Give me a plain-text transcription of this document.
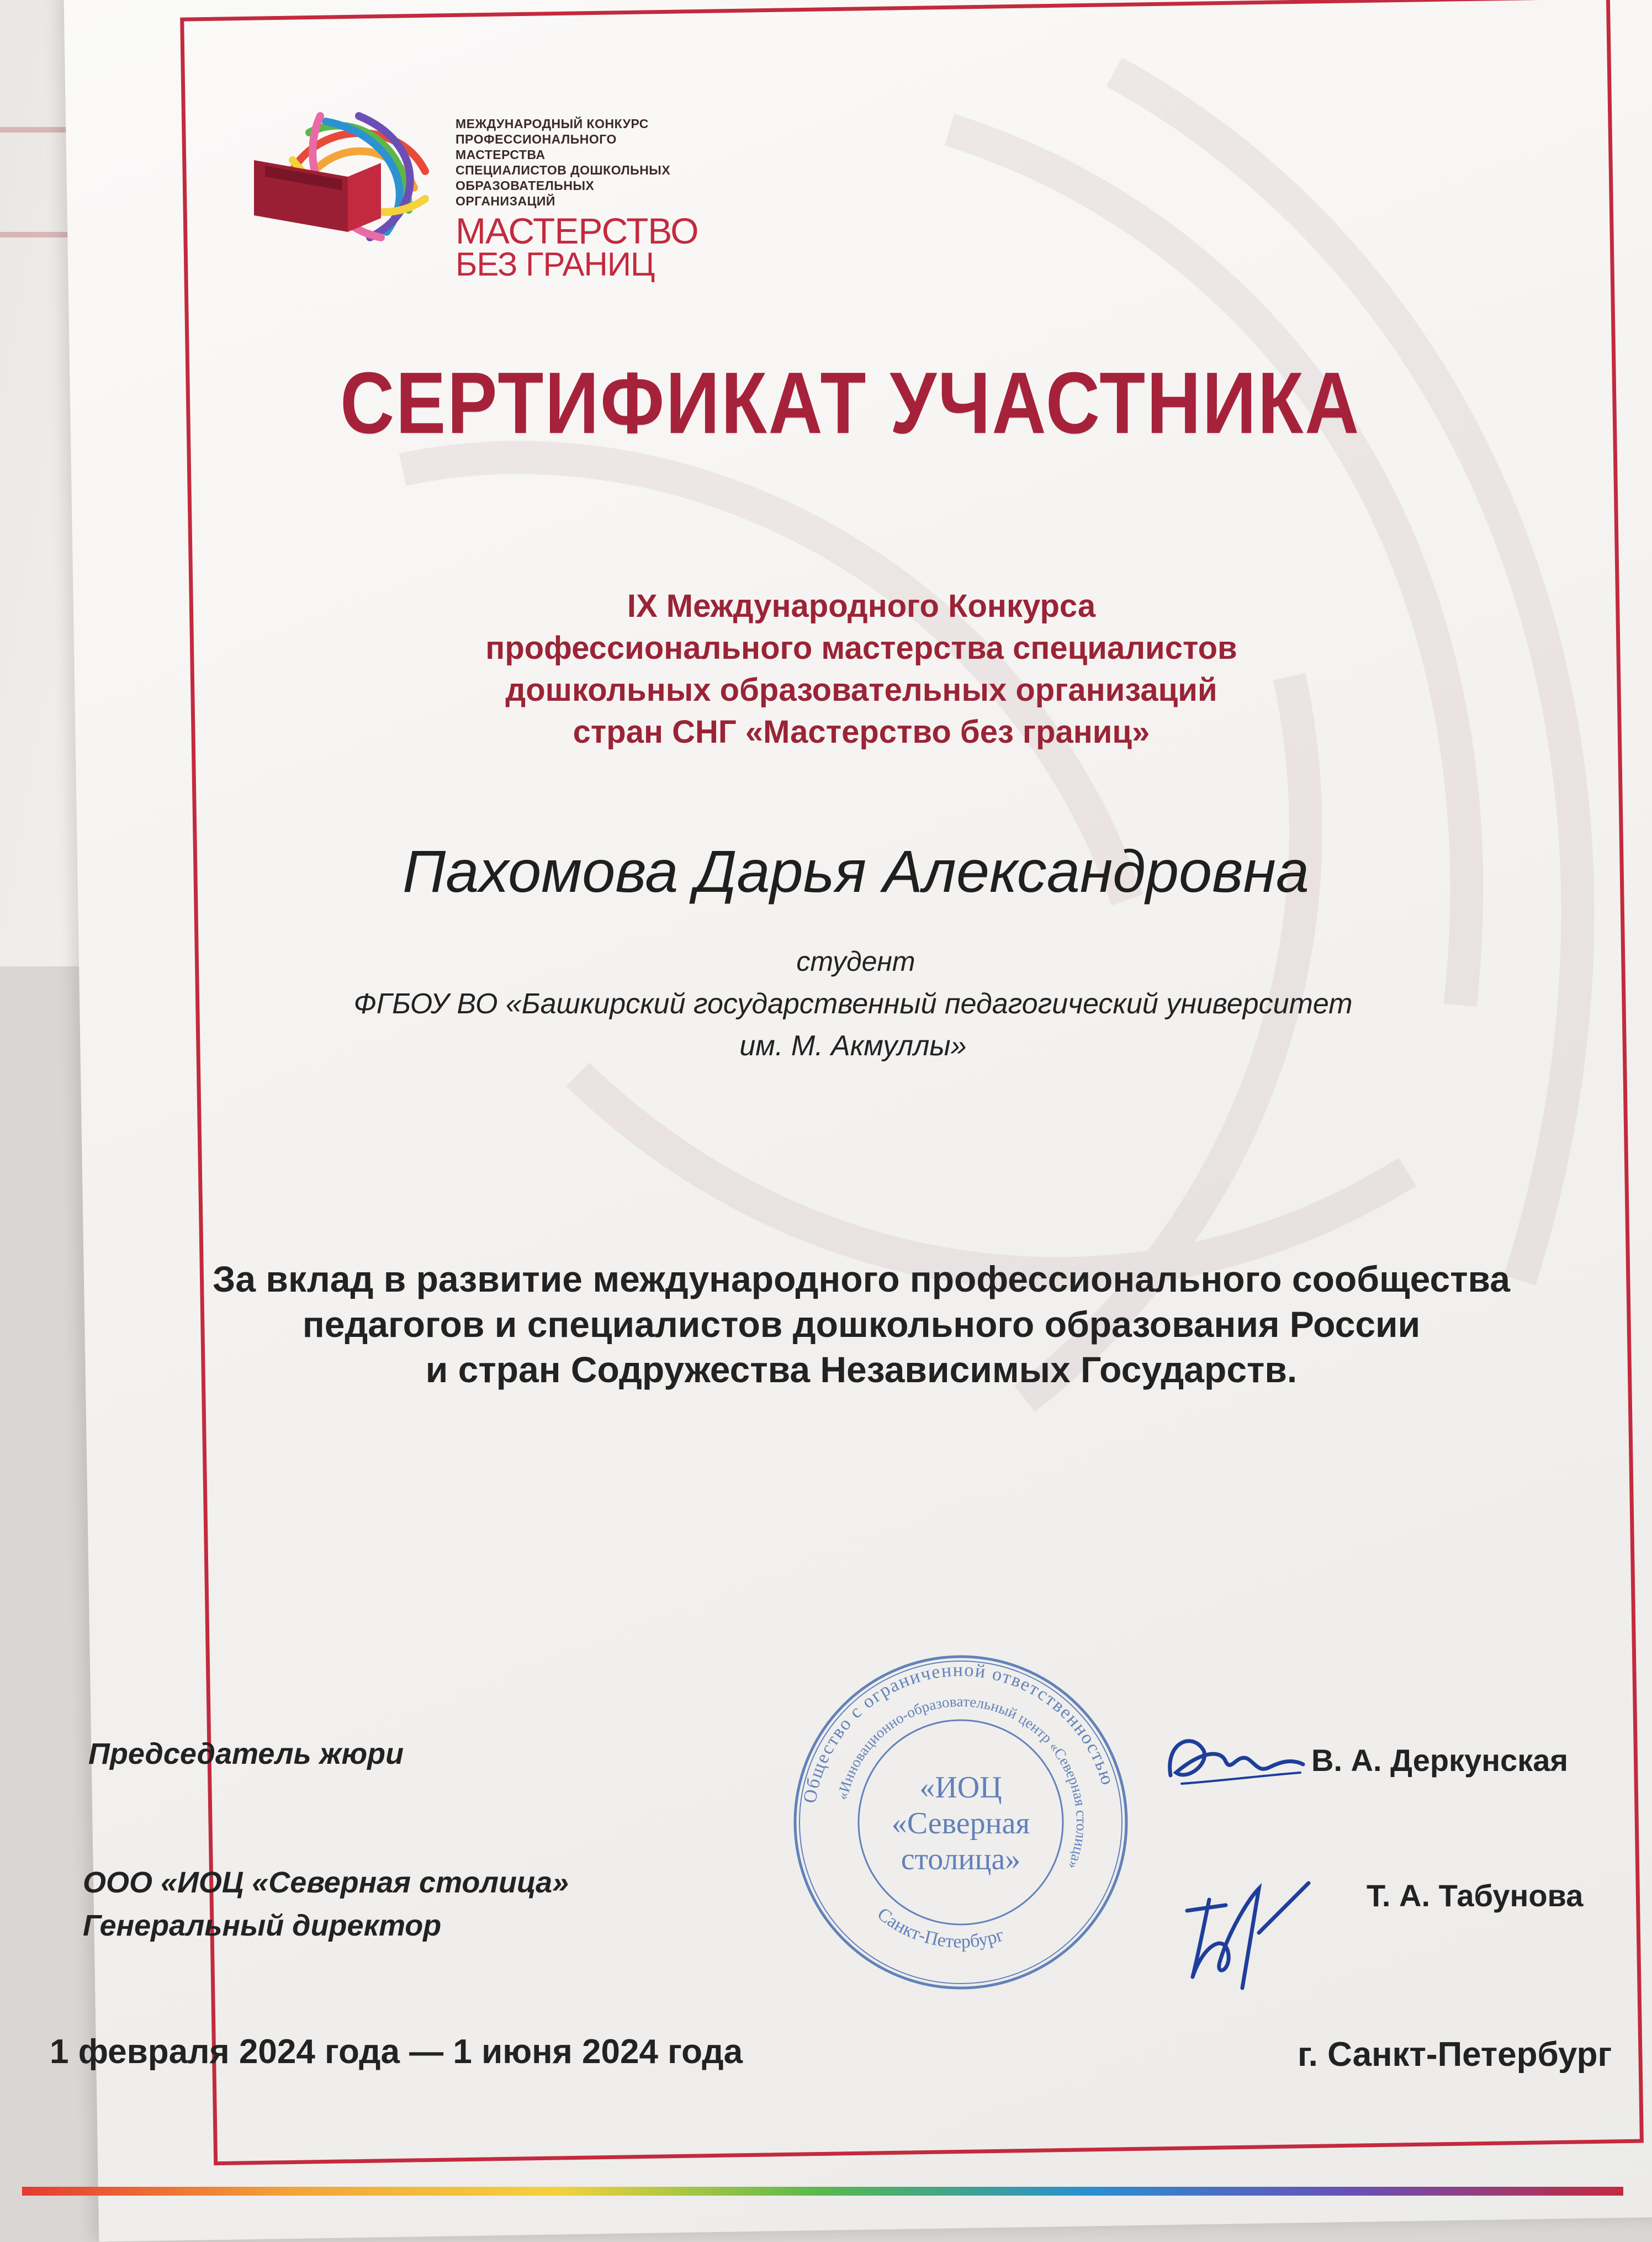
МЕЖДУНАРОДНЫЙ КОНКУРС
ПРОФЕССИОНАЛЬНОГО МАСТЕРСТВА
СПЕЦИАЛИСТОВ ДОШКОЛЬНЫХ
ОБРАЗОВАТЕЛЬНЫХ ОРГАНИЗАЦИЙ
МАСТЕРСТВО
БЕЗ ГРАНИЦ
СЕРТИФИКАТ УЧАСТНИКА
IX Международного Конкурса
профессионального мастерства специалистов
дошкольных образовательных организаций
стран СНГ «Мастерство без границ»
Пахомова Дарья Александровна
студент
ФГБОУ ВО «Башкирский государственный педагогический университет
им. М. Акмуллы»
За вклад в развитие международного профессионального сообщества
педагогов и специалистов дошкольного образования России
и стран Содружества Независимых Государств.
Общество с ограниченной ответственностью
«Инновационно-образовательный центр «Северная столица»
Санкт-Петербург
«ИОЦ
«Северная
столица»
Председатель жюри	В. А. Деркунская
ООО «ИОЦ «Северная столица»
Генеральный директор
Т. А. Табунова
1 февраля 2024 года — 1 июня 2024 года	г. Санкт-Петербург
